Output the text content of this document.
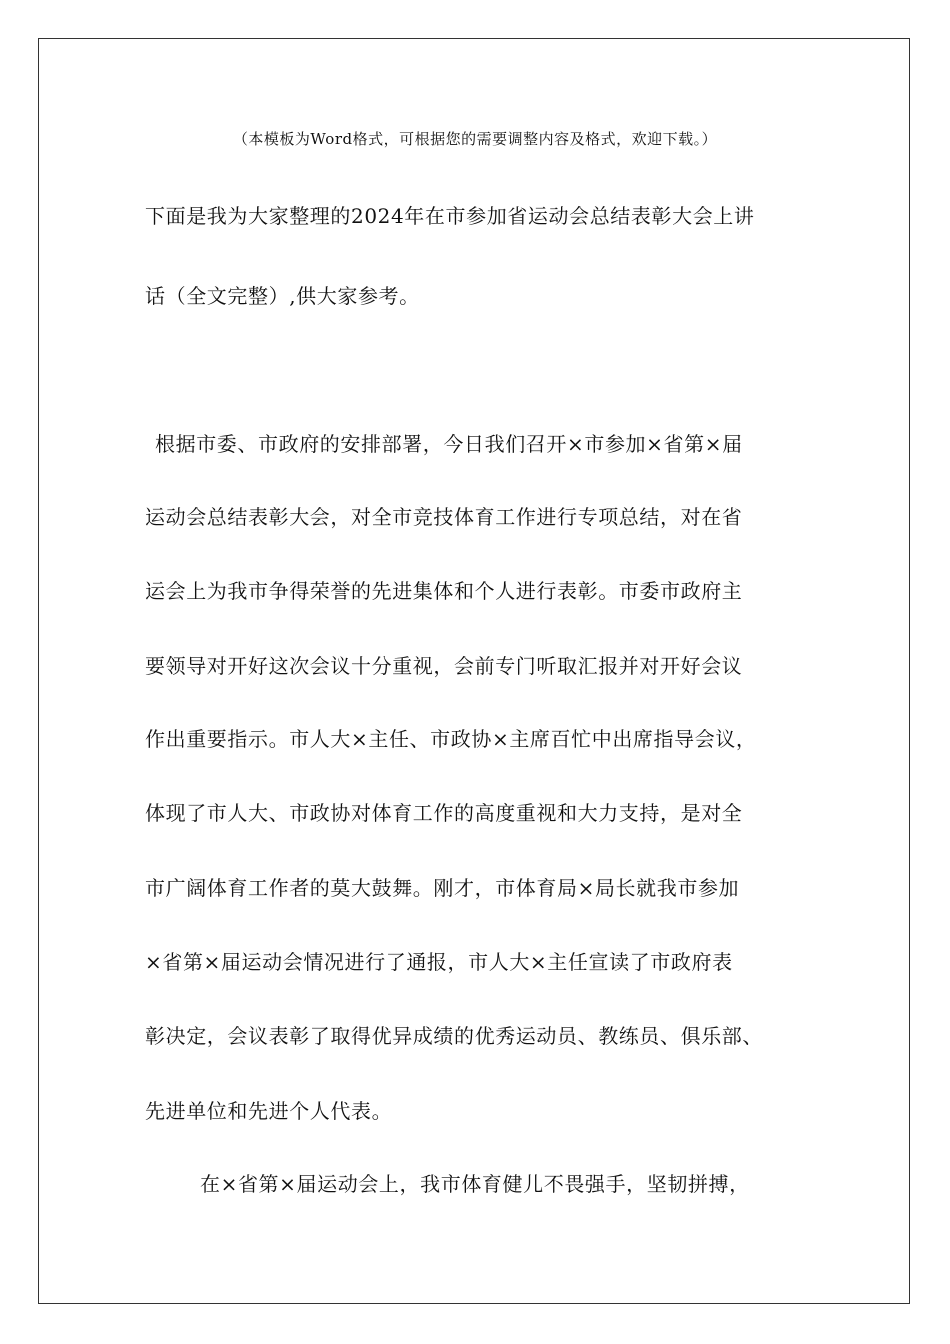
（本模板为Word格式，可根据您的需要调整内容及格式，欢迎下载。）
下面是我为大家整理的2024年在市参加省运动会总结表彰大会上讲
话（全文完整）,供大家参考。
根据市委、市政府的安排部署，今日我们召开×市参加×省第×届
运动会总结表彰大会，对全市竞技体育工作进行专项总结，对在省
运会上为我市争得荣誉的先进集体和个人进行表彰。市委市政府主
要领导对开好这次会议十分重视，会前专门听取汇报并对开好会议
作出重要指示。市人大×主任、市政协×主席百忙中出席指导会议，
体现了市人大、市政协对体育工作的高度重视和大力支持，是对全
市广阔体育工作者的莫大鼓舞。刚才，市体育局×局长就我市参加
×省第×届运动会情况进行了通报，市人大×主任宣读了市政府表
彰决定，会议表彰了取得优异成绩的优秀运动员、教练员、俱乐部、
先进单位和先进个人代表。
在×省第×届运动会上，我市体育健儿不畏强手，坚韧拼搏，
